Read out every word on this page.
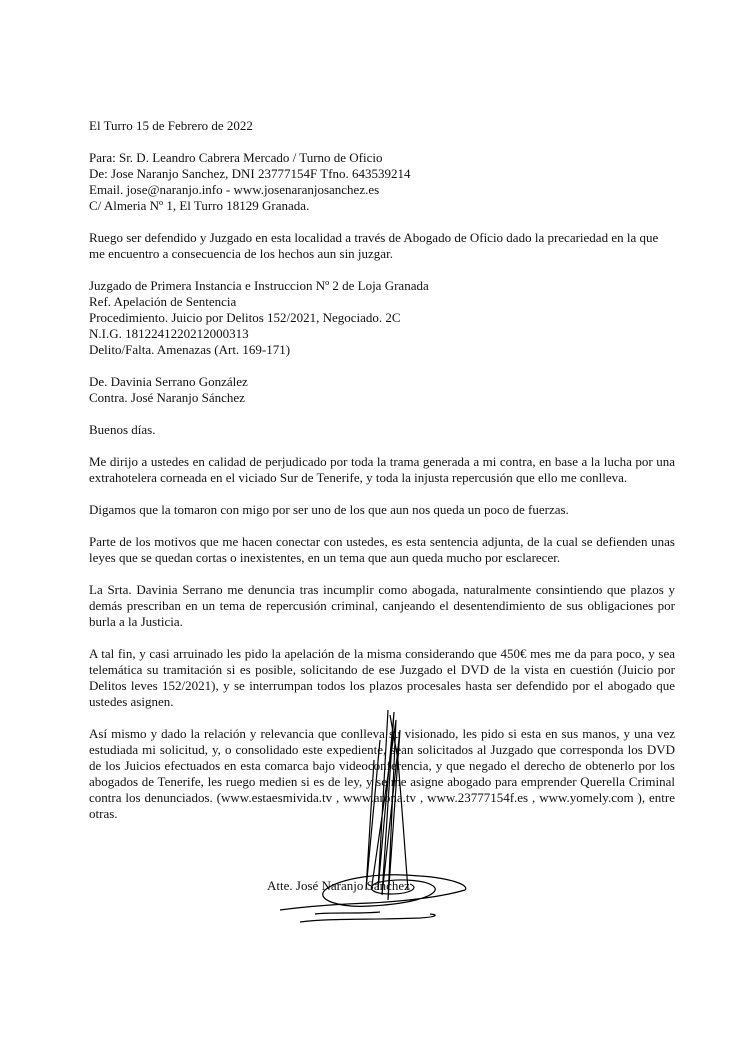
El Turro 15 de Febrero de 2022
Para: Sr. D. Leandro Cabrera Mercado / Turno de Oficio
De: Jose Naranjo Sanchez, DNI 23777154F Tfno. 643539214
Email. jose@naranjo.info - www.josenaranjosanchez.es
C/ Almeria Nº 1, El Turro 18129 Granada.
Ruego ser defendido y Juzgado en esta localidad a través de Abogado de Oficio dado la precariedad en la que me encuentro a consecuencia de los hechos aun sin juzgar.
Juzgado de Primera Instancia e Instruccion Nº 2 de Loja Granada
Ref. Apelación de Sentencia
Procedimiento. Juicio por Delitos 152/2021, Negociado. 2C
N.I.G. 1812241220212000313
Delito/Falta. Amenazas (Art. 169-171)
De. Davinia Serrano González
Contra. José Naranjo Sánchez
Buenos días.
Me dirijo a ustedes en calidad de perjudicado por toda la trama generada a mi contra, en base a la lucha por una extrahotelera corneada en el viciado Sur de Tenerife, y toda la injusta repercusión que ello me conlleva.
Digamos que la tomaron con migo por ser uno de los que aun nos queda un poco de fuerzas.
Parte de los motivos que me hacen conectar con ustedes, es esta sentencia adjunta, de la cual se defienden unas leyes que se quedan cortas o inexistentes, en un tema que aun queda mucho por esclarecer.
La Srta. Davinia Serrano me denuncia tras incumplir como abogada, naturalmente consintiendo que plazos y demás prescriban en un tema de repercusión criminal, canjeando el desentendimiento de sus obligaciones por burla a la Justicia.
A tal fin, y casi arruinado les pido la apelación de la misma considerando que 450€ mes me da para poco, y sea telemática su tramitación si es posible, solicitando de ese Juzgado el DVD de la vista en cuestión (Juicio por Delitos leves 152/2021), y se interrumpan todos los plazos procesales hasta ser defendido por el abogado que ustedes asignen.
Así mismo y dado la relación y relevancia que conlleva su visionado, les pido si esta en sus manos, y una vez estudiada mi solicitud, y, o consolidado este expediente, sean solicitados al Juzgado que corresponda los DVD de los Juicios efectuados en esta comarca bajo videoconferencia, y que negado el derecho de obtenerlo por los abogados de Tenerife, les ruego medien si es de ley, y se me asigne abogado para emprender Querella Criminal contra los denunciados. (www.estaesmivida.tv , www.arona.tv , www.23777154f.es , www.yomely.com ), entre otras.
Atte. José Naranjo Sánchez
